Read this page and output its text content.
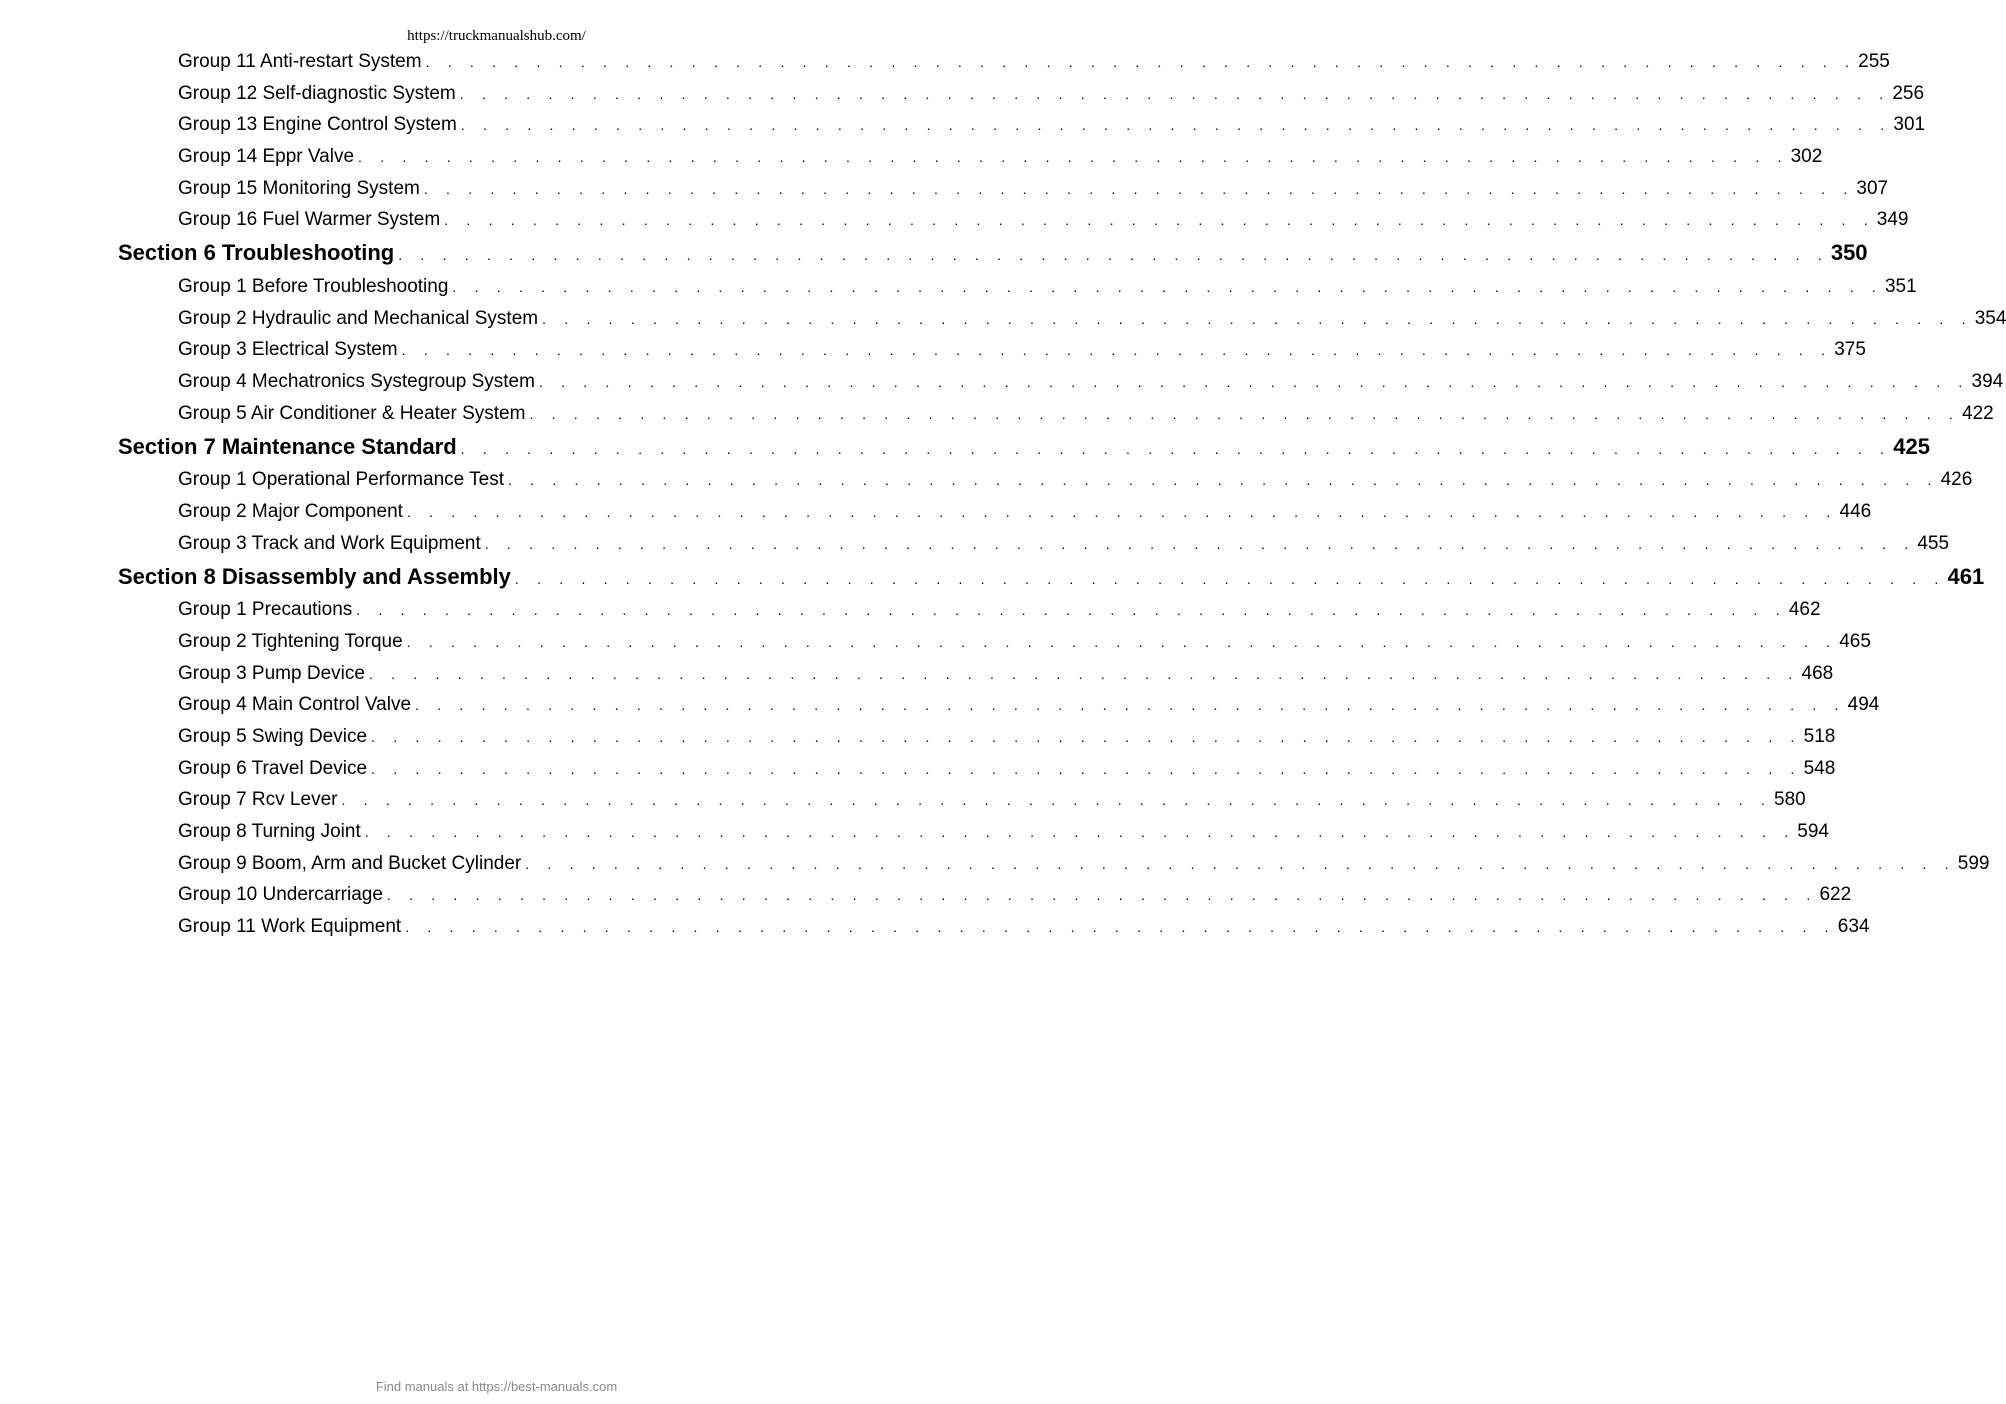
https://truckmanualshub.com/
Group 11 Anti-restart System . . . . . . . . . . . . . . . . . . . . . . . . . . . . . . . . . . . . . . . . . . . . . . . . . . . . . . . . . . . . . . . . . 255
Group 12 Self-diagnostic System . . . . . . . . . . . . . . . . . . . . . . . . . . . . . . . . . . . . . . . . . . . . . . . . . . . . . . . . . . . . . . . . . 256
Group 13 Engine Control System . . . . . . . . . . . . . . . . . . . . . . . . . . . . . . . . . . . . . . . . . . . . . . . . . . . . . . . . . . . . . . . . . 301
Group 14 Eppr Valve . . . . . . . . . . . . . . . . . . . . . . . . . . . . . . . . . . . . . . . . . . . . . . . . . . . . . . . . . . . . . . . . . 302
Group 15 Monitoring System . . . . . . . . . . . . . . . . . . . . . . . . . . . . . . . . . . . . . . . . . . . . . . . . . . . . . . . . . . . . . . . . . 307
Group 16 Fuel Warmer System . . . . . . . . . . . . . . . . . . . . . . . . . . . . . . . . . . . . . . . . . . . . . . . . . . . . . . . . . . . . . . . . . 349
Section 6 Troubleshooting . . . . . . . . . . . . . . . . . . . . . . . . . . . . . . . . . . . . . . . . . . . . . . . . . . . . . . . . . . . . . . . . . 350
Group 1 Before Troubleshooting . . . . . . . . . . . . . . . . . . . . . . . . . . . . . . . . . . . . . . . . . . . . . . . . . . . . . . . . . . . . . . . . . 351
Group 2 Hydraulic and Mechanical System . . . . . . . . . . . . . . . . . . . . . . . . . . . . . . . . . . . . . . . . . . . . . . . . . . . . . . . . . . . . . . . . . 354
Group 3 Electrical System . . . . . . . . . . . . . . . . . . . . . . . . . . . . . . . . . . . . . . . . . . . . . . . . . . . . . . . . . . . . . . . . . 375
Group 4 Mechatronics Systegroup System . . . . . . . . . . . . . . . . . . . . . . . . . . . . . . . . . . . . . . . . . . . . . . . . . . . . . . . . . . . . . . . . . 394
Group 5 Air Conditioner & Heater System . . . . . . . . . . . . . . . . . . . . . . . . . . . . . . . . . . . . . . . . . . . . . . . . . . . . . . . . . . . . . . . . . 422
Section 7 Maintenance Standard . . . . . . . . . . . . . . . . . . . . . . . . . . . . . . . . . . . . . . . . . . . . . . . . . . . . . . . . . . . . . . . . . 425
Group 1 Operational Performance Test . . . . . . . . . . . . . . . . . . . . . . . . . . . . . . . . . . . . . . . . . . . . . . . . . . . . . . . . . . . . . . . . . 426
Group 2 Major Component . . . . . . . . . . . . . . . . . . . . . . . . . . . . . . . . . . . . . . . . . . . . . . . . . . . . . . . . . . . . . . . . . 446
Group 3 Track and Work Equipment . . . . . . . . . . . . . . . . . . . . . . . . . . . . . . . . . . . . . . . . . . . . . . . . . . . . . . . . . . . . . . . . . 455
Section 8 Disassembly and Assembly . . . . . . . . . . . . . . . . . . . . . . . . . . . . . . . . . . . . . . . . . . . . . . . . . . . . . . . . . . . . . . . . . 461
Group 1 Precautions . . . . . . . . . . . . . . . . . . . . . . . . . . . . . . . . . . . . . . . . . . . . . . . . . . . . . . . . . . . . . . . . . 462
Group 2 Tightening Torque . . . . . . . . . . . . . . . . . . . . . . . . . . . . . . . . . . . . . . . . . . . . . . . . . . . . . . . . . . . . . . . . . 465
Group 3 Pump Device . . . . . . . . . . . . . . . . . . . . . . . . . . . . . . . . . . . . . . . . . . . . . . . . . . . . . . . . . . . . . . . . . 468
Group 4 Main Control Valve . . . . . . . . . . . . . . . . . . . . . . . . . . . . . . . . . . . . . . . . . . . . . . . . . . . . . . . . . . . . . . . . . 494
Group 5 Swing Device . . . . . . . . . . . . . . . . . . . . . . . . . . . . . . . . . . . . . . . . . . . . . . . . . . . . . . . . . . . . . . . . . 518
Group 6 Travel Device . . . . . . . . . . . . . . . . . . . . . . . . . . . . . . . . . . . . . . . . . . . . . . . . . . . . . . . . . . . . . . . . . 548
Group 7 Rcv Lever . . . . . . . . . . . . . . . . . . . . . . . . . . . . . . . . . . . . . . . . . . . . . . . . . . . . . . . . . . . . . . . . . 580
Group 8 Turning Joint . . . . . . . . . . . . . . . . . . . . . . . . . . . . . . . . . . . . . . . . . . . . . . . . . . . . . . . . . . . . . . . . . 594
Group 9 Boom, Arm and Bucket Cylinder . . . . . . . . . . . . . . . . . . . . . . . . . . . . . . . . . . . . . . . . . . . . . . . . . . . . . . . . . . . . . . . . . 599
Group 10 Undercarriage . . . . . . . . . . . . . . . . . . . . . . . . . . . . . . . . . . . . . . . . . . . . . . . . . . . . . . . . . . . . . . . . . 622
Group 11 Work Equipment . . . . . . . . . . . . . . . . . . . . . . . . . . . . . . . . . . . . . . . . . . . . . . . . . . . . . . . . . . . . . . . . . 634
Find manuals at https://best-manuals.com
